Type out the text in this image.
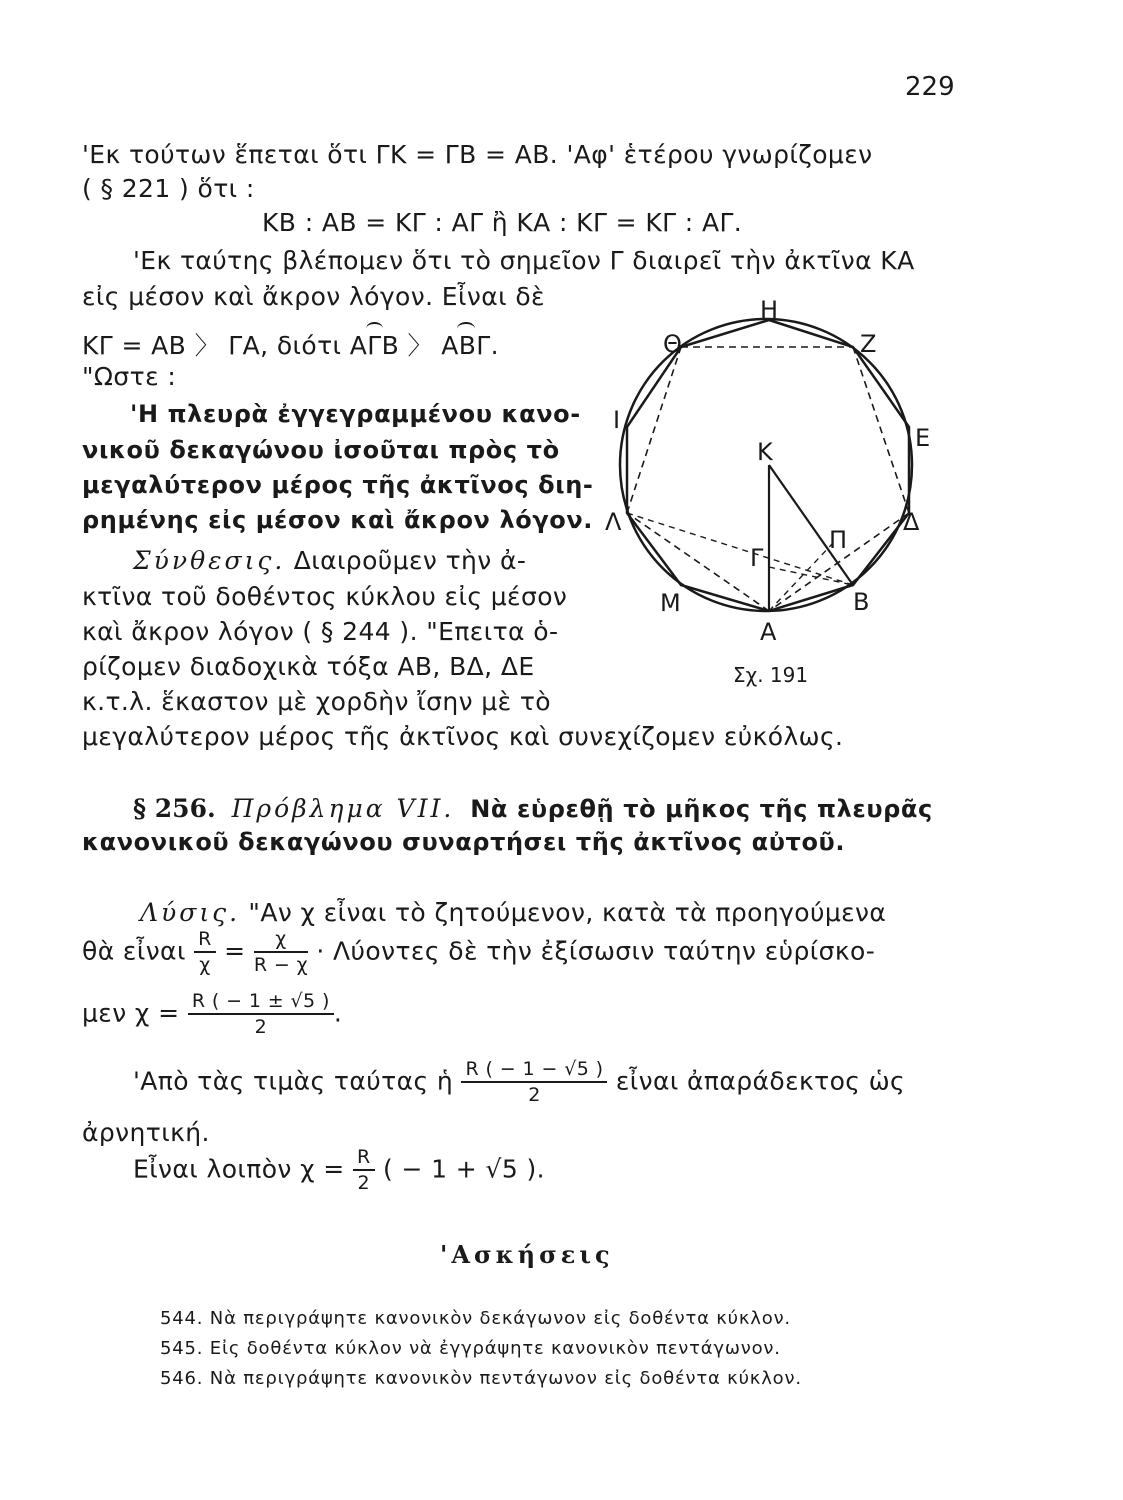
229
'Εκ τούτων ἕπεται ὅτι ΓΚ = ΓΒ = ΑΒ. 'Αφ' ἑτέρου γνωρίζομεν
( § 221 ) ὅτι :
ΚΒ : ΑΒ = ΚΓ : ΑΓ ἢ ΚΑ : ΚΓ = ΚΓ : ΑΓ.
'Εκ ταύτης βλέπομεν ὅτι τὸ σημεῖον Γ διαιρεῖ τὴν ἀκτῖνα ΚΑ
εἰς μέσον καὶ ἄκρον λόγον. Εἶναι δὲ
ΚΓ = ΑΒ 〉 ΓΑ, διότι ΑΓΒ 〉 ΑΒΓ.
"Ωστε :
'Η πλευρὰ ἐγγεγραμμένου κανο-
νικοῦ δεκαγώνου ἰσοῦται πρὸς τὸ
μεγαλύτερον μέρος τῆς ἀκτῖνος διη-
ρημένης εἰς μέσον καὶ ἄκρον λόγον.
Σύνθεσις. Διαιροῦμεν τὴν ἀ-
κτῖνα τοῦ δοθέντος κύκλου εἰς μέσον
καὶ ἄκρον λόγον ( § 244 ). "Επειτα ὁ-
ρίζομεν διαδοχικὰ τόξα ΑΒ, ΒΔ, ΔΕ
κ.τ.λ. ἕκαστον μὲ χορδὴν ἴσην μὲ τὸ
μεγαλύτερον μέρος τῆς ἀκτῖνος καὶ συνεχίζομεν εὐκόλως.
Η
Ζ
Ε
Δ
Β
Α
Μ
Λ
Ι
Θ
Κ
Γ
Π
Σχ. 191
§ 256. Πρόβλημα VII. Νὰ εὑρεθῇ τὸ μῆκος τῆς πλευρᾶς
κανονικοῦ δεκαγώνου συναρτήσει τῆς ἀκτῖνος αὐτοῦ.
Λύσις. "Αν χ εἶναι τὸ ζητούμενον, κατὰ τὰ προηγούμενα
θὰ εἶναι $\frac{R}{\chi} = \frac{\chi}{R - \chi} \cdot \Lambda ύo\nu\tau\varepsilon\varsigma$ δὲ τὴν ἐξίσωσιν ταύτην εὑρίσκο-
μεν $\chi = \frac{R ( - 1 \pm √5 )}{2}$ .
'Απὸ τὰς τιμὰς ταύτας ἡ $\frac{R ( - 1 - √5 )}{2}$ εἶναι ἀπαράδεκτος ὡς
ἀρνητική.
Εἶναι λοιπὸν $\chi = \frac{R}{2}$ ( − 1 + √5 ).
'Ασκήσεις
544. Νὰ περιγράψητε κανονικὸν δεκάγωνον εἰς δοθέντα κύκλον.
545. Εἰς δοθέντα κύκλον νὰ ἐγγράψητε κανονικὸν πεντάγωνον.
546. Νὰ περιγράψητε κανονικὸν πεντάγωνον εἰς δοθέντα κύκλον.
